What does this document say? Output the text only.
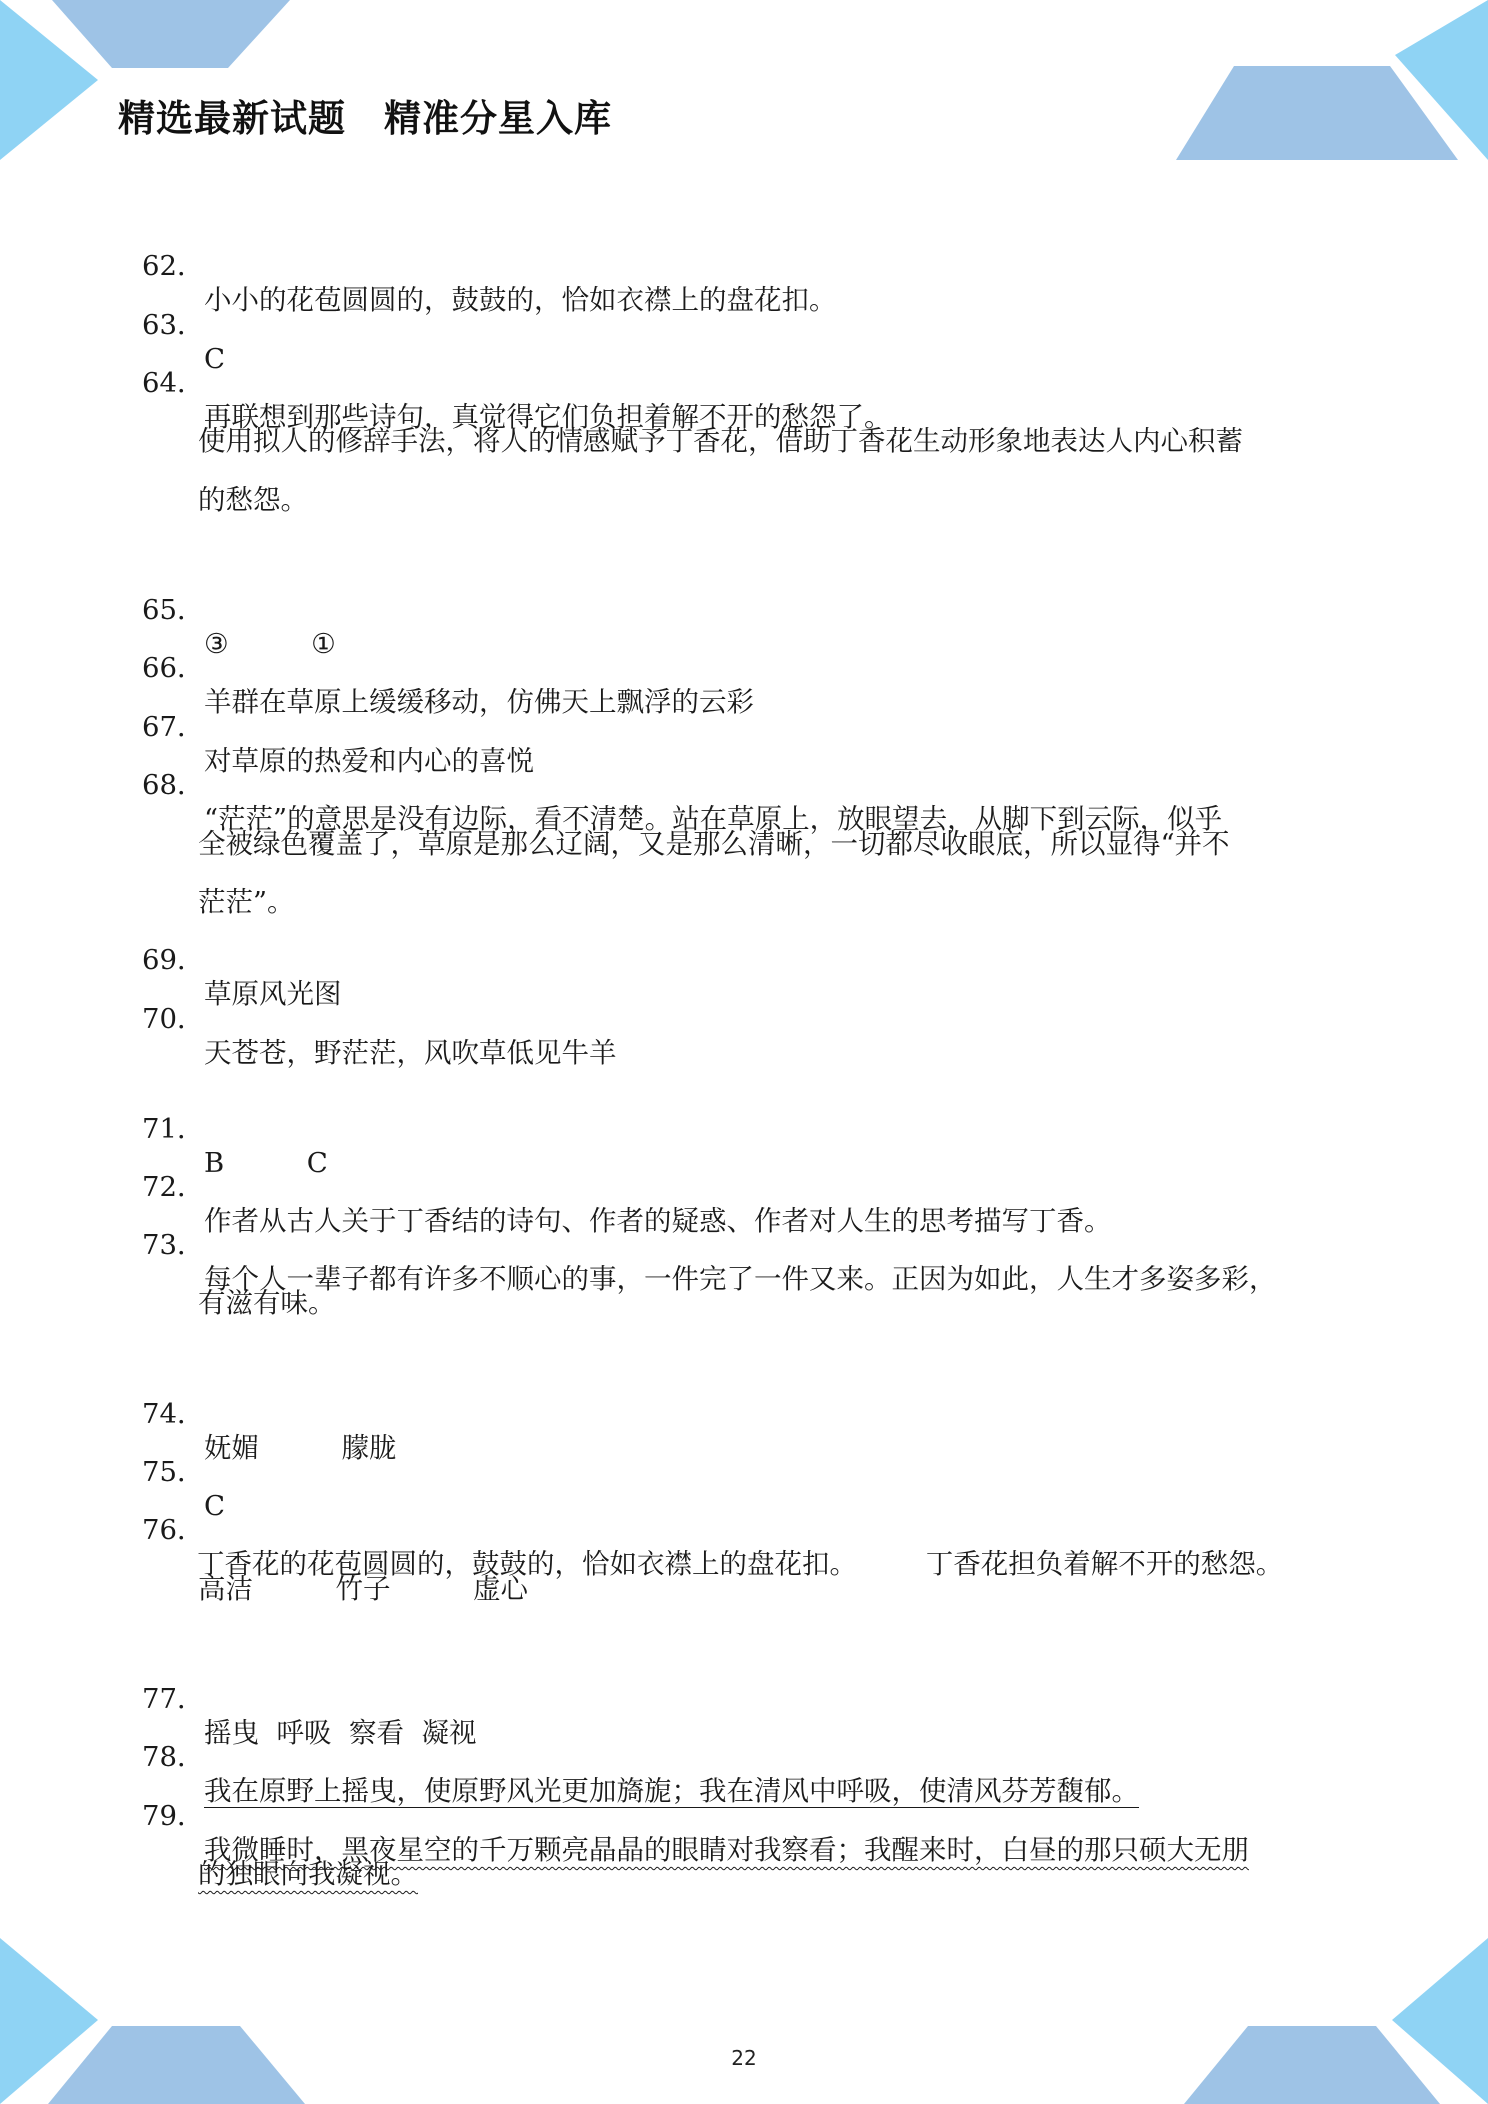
精选最新试题　精准分星入库

62．

小小的花苞圆圆的，鼓鼓的，恰如衣襟上的盘花扣。

63．

C

64．

再联想到那些诗句，真觉得它们负担着解不开的愁怨了。

使用拟人的修辞手法，将人的情感赋予丁香花，借助丁香花生动形象地表达人内心积蓄

的愁怨。

65．

③　　　①

66．

羊群在草原上缓缓移动，仿佛天上飘浮的云彩

67．

对草原的热爱和内心的喜悦

68．

“茫茫”的意思是没有边际，看不清楚。站在草原上，放眼望去，从脚下到云际，似乎

全被绿色覆盖了，草原是那么辽阔，又是那么清晰，一切都尽收眼底，所以显得“并不

茫茫”。

69．

草原风光图

70．

天苍苍，野茫茫，风吹草低见牛羊

71．

B　　　C

72．

作者从古人关于丁香结的诗句、作者的疑惑、作者对人生的思考描写丁香。

73．

每个人一辈子都有许多不顺心的事，一件完了一件又来。正因为如此，人生才多姿多彩，

有滋有味。

74．

妩媚　　　朦胧

75．

C

76．

丁香花的花苞圆圆的，鼓鼓的，恰如衣襟上的盘花扣。　　　丁香花担负着解不开的愁怨。

高洁　　　竹子　　　虚心

77．

摇曳  呼吸  察看  凝视

78．

我在原野上摇曳，使原野风光更加旖旎；我在清风中呼吸，使清风芬芳馥郁。

79．

我微睡时，黑夜星空的千万颗亮晶晶的眼睛对我察看；我醒来时，白昼的那只硕大无朋

的独眼向我凝视。

22
